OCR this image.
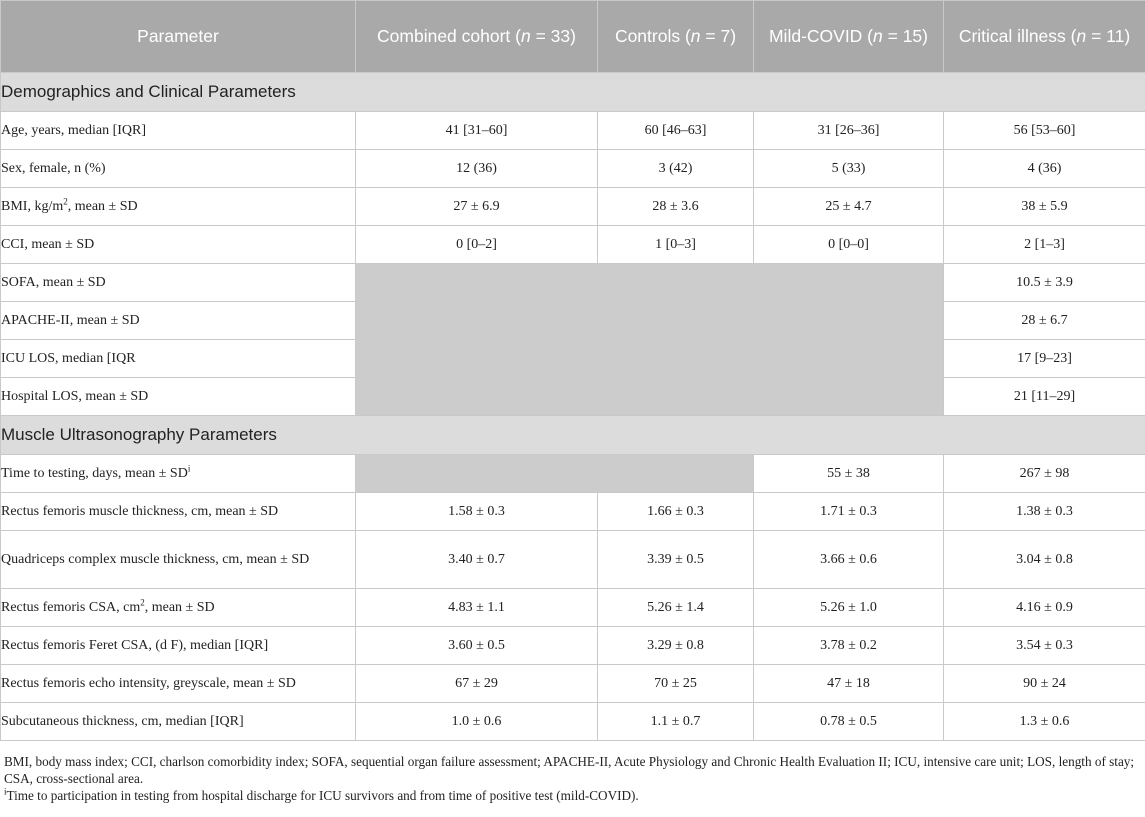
Parameter	Combined cohort (n = 33)	Controls (n = 7)	Mild-COVID (n = 15)	Critical illness (n = 11)
Demographics and Clinical Parameters				
Age, years, median [IQR]	41 [31–60]	60 [46–63]	31 [26–36]	56 [53–60]
Sex, female, n (%)	12 (36)	3 (42)	5 (33)	4 (36)
BMI, $kg/m^2$, mean ± SD	27 ± 6.9	28 ± 3.6	25 ± 4.7	38 ± 5.9
CCI, mean ± SD	0 [0–2]	1 [0–3]	0 [0–0]	2 [1–3]
SOFA, mean ± SD				10.5 ± 3.9
APACHE-II, mean ± SD				28 ± 6.7
ICU LOS, median [IQR				17 [9–23]
Hospital LOS, mean ± SD				21 [11–29]
Muscle Ultrasonography Parameters				
Time to testing, days, mean ± $SD^i$			55 ± 38	267 ± 98
Rectus femoris muscle thickness, cm, mean ± SD	1.58 ± 0.3	1.66 ± 0.3	1.71 ± 0.3	1.38 ± 0.3
Quadriceps complex muscle thickness, cm, mean ± SD	3.40 ± 0.7	3.39 ± 0.5	3.66 ± 0.6	3.04 ± 0.8
Rectus femoris CSA, $cm^2$, mean ± SD	4.83 ± 1.1	5.26 ± 1.4	5.26 ± 1.0	4.16 ± 0.9
Rectus femoris Feret CSA, (d F), median [IQR]	3.60 ± 0.5	3.29 ± 0.8	3.78 ± 0.2	3.54 ± 0.3
Rectus femoris echo intensity, greyscale, mean ± SD	67 ± 29	70 ± 25	47 ± 18	90 ± 24
Subcutaneous thickness, cm, median [IQR]	1.0 ± 0.6	1.1 ± 0.7	0.78 ± 0.5	1.3 ± 0.6

BMI, body mass index; CCI, charlson comorbidity index; SOFA, sequential organ failure assessment; APACHE-II, Acute Physiology and Chronic Health Evaluation II; ICU, intensive care unit; LOS, length of stay; CSA, cross-sectional area.

$^i$Time to participation in testing from hospital discharge for ICU survivors and from time of positive test (mild-COVID).
